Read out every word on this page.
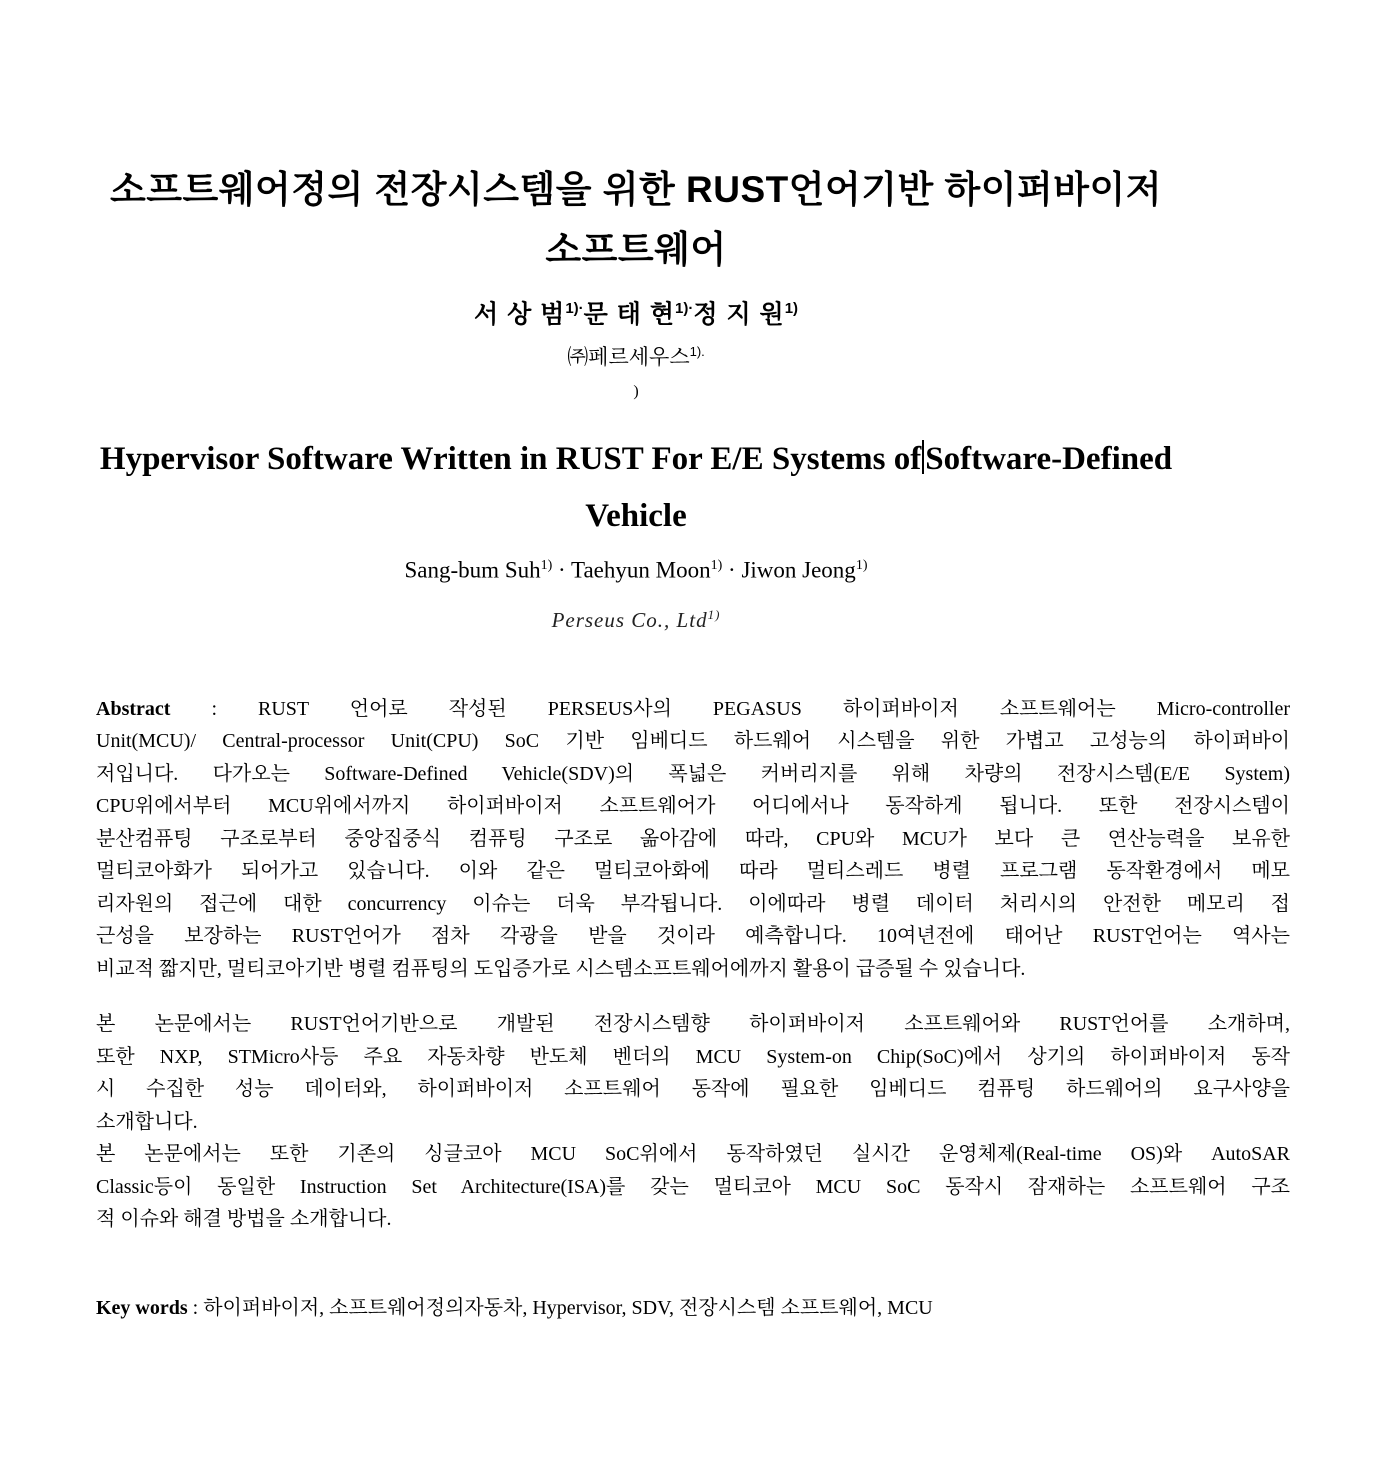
소프트웨어정의 전장시스템을 위한 RUST언어기반 하이퍼바이저
소프트웨어
서 상 범$^{1)\cdot}$문 태 현$^{1)\cdot}$정 지 원$^{1)}$
㈜페르세우스$^{1).}$
)
Hypervisor Software Written in RUST For E/E Systems of Software-Defined
Vehicle
Sang-bum Suh$^{1)}$ · Taehyun Moon$^{1)}$ · Jiwon Jeong$^{1)}$
Perseus Co., Ltd$^{1)}$
Abstract : RUST 언어로 작성된 PERSEUS사의 PEGASUS 하이퍼바이저 소프트웨어는 Micro-controller
Unit(MCU)/ Central-processor Unit(CPU) SoC 기반 임베디드 하드웨어 시스템을 위한 가볍고 고성능의 하이퍼바이
저입니다. 다가오는 Software-Defined Vehicle(SDV)의 폭넓은 커버리지를 위해 차량의 전장시스템(E/E System)
CPU위에서부터 MCU위에서까지 하이퍼바이저 소프트웨어가 어디에서나 동작하게 됩니다. 또한 전장시스템이
분산컴퓨팅 구조로부터 중앙집중식 컴퓨팅 구조로 옮아감에 따라, CPU와 MCU가 보다 큰 연산능력을 보유한
멀티코아화가 되어가고 있습니다. 이와 같은 멀티코아화에 따라 멀티스레드 병렬 프로그램 동작환경에서 메모
리자원의 접근에 대한 concurrency 이슈는 더욱 부각됩니다. 이에따라 병렬 데이터 처리시의 안전한 메모리 접
근성을 보장하는 RUST언어가 점차 각광을 받을 것이라 예측합니다. 10여년전에 태어난 RUST언어는 역사는
비교적 짧지만, 멀티코아기반 병렬 컴퓨팅의 도입증가로 시스템소프트웨어에까지 활용이 급증될 수 있습니다.
본 논문에서는 RUST언어기반으로 개발된 전장시스템향 하이퍼바이저 소프트웨어와 RUST언어를 소개하며,
또한 NXP, STMicro사등 주요 자동차향 반도체 벤더의 MCU System-on Chip(SoC)에서 상기의 하이퍼바이저 동작
시 수집한 성능 데이터와, 하이퍼바이저 소프트웨어 동작에 필요한 임베디드 컴퓨팅 하드웨어의 요구사양을
소개합니다.
본 논문에서는 또한 기존의 싱글코아 MCU SoC위에서 동작하였던 실시간 운영체제(Real-time OS)와 AutoSAR
Classic등이 동일한 Instruction Set Architecture(ISA)를 갖는 멀티코아 MCU SoC 동작시 잠재하는 소프트웨어 구조
적 이슈와 해결 방법을 소개합니다.
Key words : 하이퍼바이저, 소프트웨어정의자동차, Hypervisor, SDV, 전장시스템 소프트웨어, MCU
